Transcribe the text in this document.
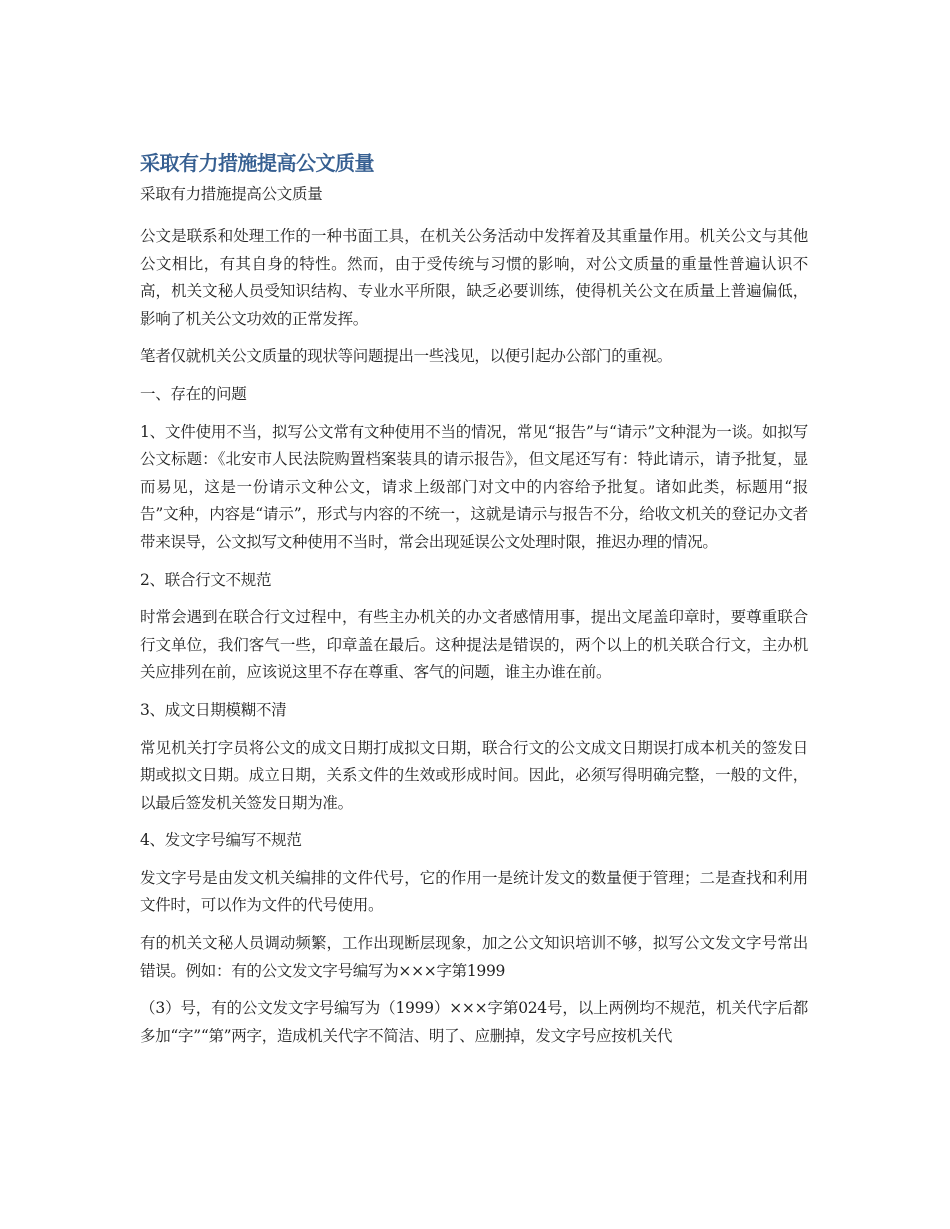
采取有力措施提高公文质量
采取有力措施提高公文质量

公文是联系和处理工作的一种书面工具，在机关公务活动中发挥着及其重量作用。机关公文与其他公文相比，有其自身的特性。然而，由于受传统与习惯的影响，对公文质量的重量性普遍认识不高，机关文秘人员受知识结构、专业水平所限，缺乏必要训练，使得机关公文在质量上普遍偏低，影响了机关公文功效的正常发挥。

笔者仅就机关公文质量的现状等问题提出一些浅见，以便引起办公部门的重视。

一、存在的问题

1、文件使用不当，拟写公文常有文种使用不当的情况，常见“报告”与“请示”文种混为一谈。如拟写公文标题：《北安市人民法院购置档案装具的请示报告》，但文尾还写有：特此请示，请予批复，显而易见，这是一份请示文种公文，请求上级部门对文中的内容给予批复。诸如此类，标题用“报告”文种，内容是“请示”，形式与内容的不统一，这就是请示与报告不分，给收文机关的登记办文者带来误导，公文拟写文种使用不当时，常会出现延误公文处理时限，推迟办理的情况。

2、联合行文不规范

时常会遇到在联合行文过程中，有些主办机关的办文者感情用事，提出文尾盖印章时，要尊重联合行文单位，我们客气一些，印章盖在最后。这种提法是错误的，两个以上的机关联合行文，主办机关应排列在前，应该说这里不存在尊重、客气的问题，谁主办谁在前。

3、成文日期模糊不清

常见机关打字员将公文的成文日期打成拟文日期，联合行文的公文成文日期误打成本机关的签发日期或拟文日期。成立日期，关系文件的生效或形成时间。因此，必须写得明确完整，一般的文件，以最后签发机关签发日期为准。

4、发文字号编写不规范

发文字号是由发文机关编排的文件代号，它的作用一是统计发文的数量便于管理；二是查找和利用文件时，可以作为文件的代号使用。

有的机关文秘人员调动频繁，工作出现断层现象，加之公文知识培训不够，拟写公文发文字号常出错误。例如：有的公文发文字号编写为×××字第1999

（3）号，有的公文发文字号编写为（1999）×××字第024号，以上两例均不规范，机关代字后都多加“字”“第”两字，造成机关代字不简洁、明了、应删掉，发文字号应按机关代
